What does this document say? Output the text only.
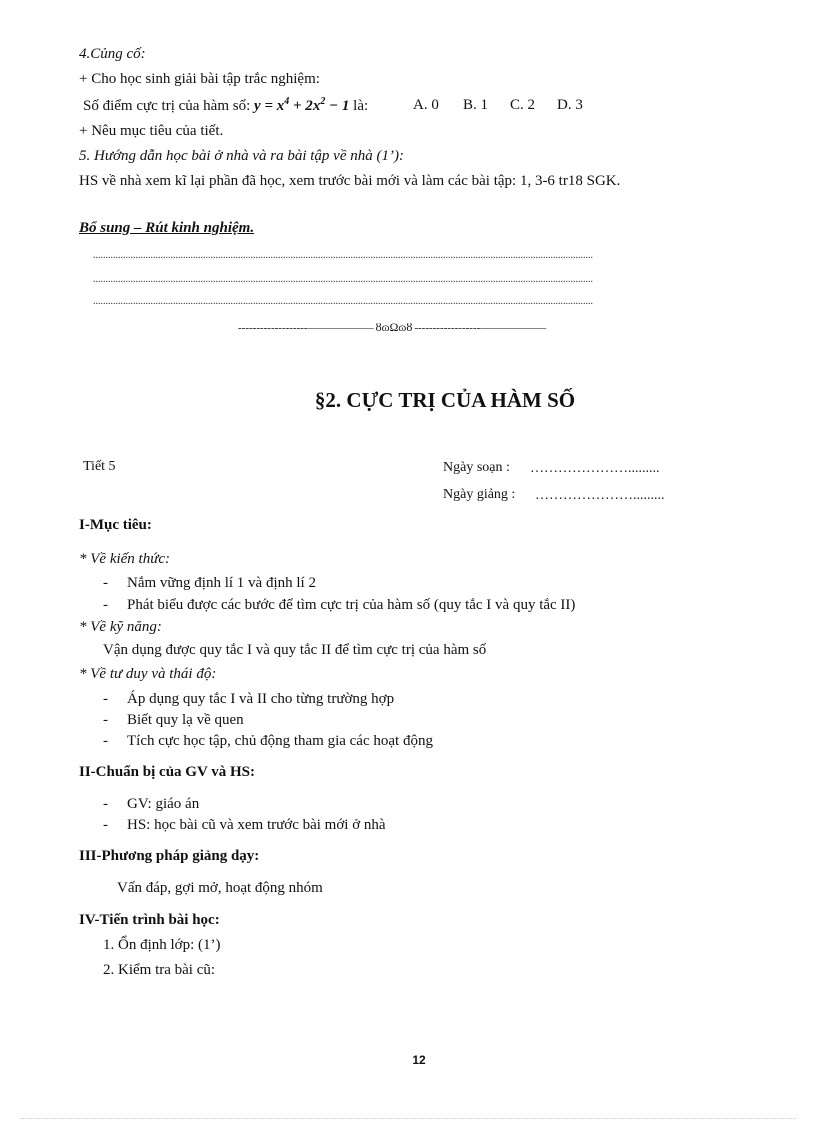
4.Củng cố:
+ Cho học sinh giải bài tập trắc nghiệm:
Số điểm cực trị của hàm số: $y = x^4 + 2x^2 - 1$ là:	A. 0 B. 1 C. 2 D. 3
+ Nêu mục tiêu của tiết.
5. Hướng dẫn học bài ở nhà và ra bài tập về nhà (1’):
HS về nhà xem kĩ lại phần đã học, xem trước bài mới và làm các bài tập: 1, 3-6 tr18 SGK.
Bổ sung – Rút kinh nghiệm.
........................................................................................................................................................................................................
........................................................................................................................................................................................................
........................................................................................................................................................................................................
-------------------—————— ȣɷΩɷȣ ------------------——————
§2. CỰC TRỊ CỦA HÀM SỐ
Tiết 5	Ngày soạn : ………………….........
Ngày giảng : ………………….........
I-Mục tiêu:
* Về kiến thức:
- Nắm vững định lí 1 và định lí 2
- Phát biểu được các bước để tìm cực trị của hàm số (quy tắc I và quy tắc II)
* Về kỹ năng:
Vận dụng được quy tắc I và quy tắc II để tìm cực trị của hàm số
* Về tư duy và thái độ:
- Áp dụng quy tắc I và II cho từng trường hợp
- Biết quy lạ về quen
- Tích cực học tập, chủ động tham gia các hoạt động
II-Chuẩn bị của GV và HS:
- GV: giáo án
- HS: học bài cũ và xem trước bài mới ở nhà
III-Phương pháp giảng dạy:
Vấn đáp, gợi mở, hoạt động nhóm
IV-Tiến trình bài học:
1. Ổn định lớp: (1’)
2. Kiểm tra bài cũ:
12
